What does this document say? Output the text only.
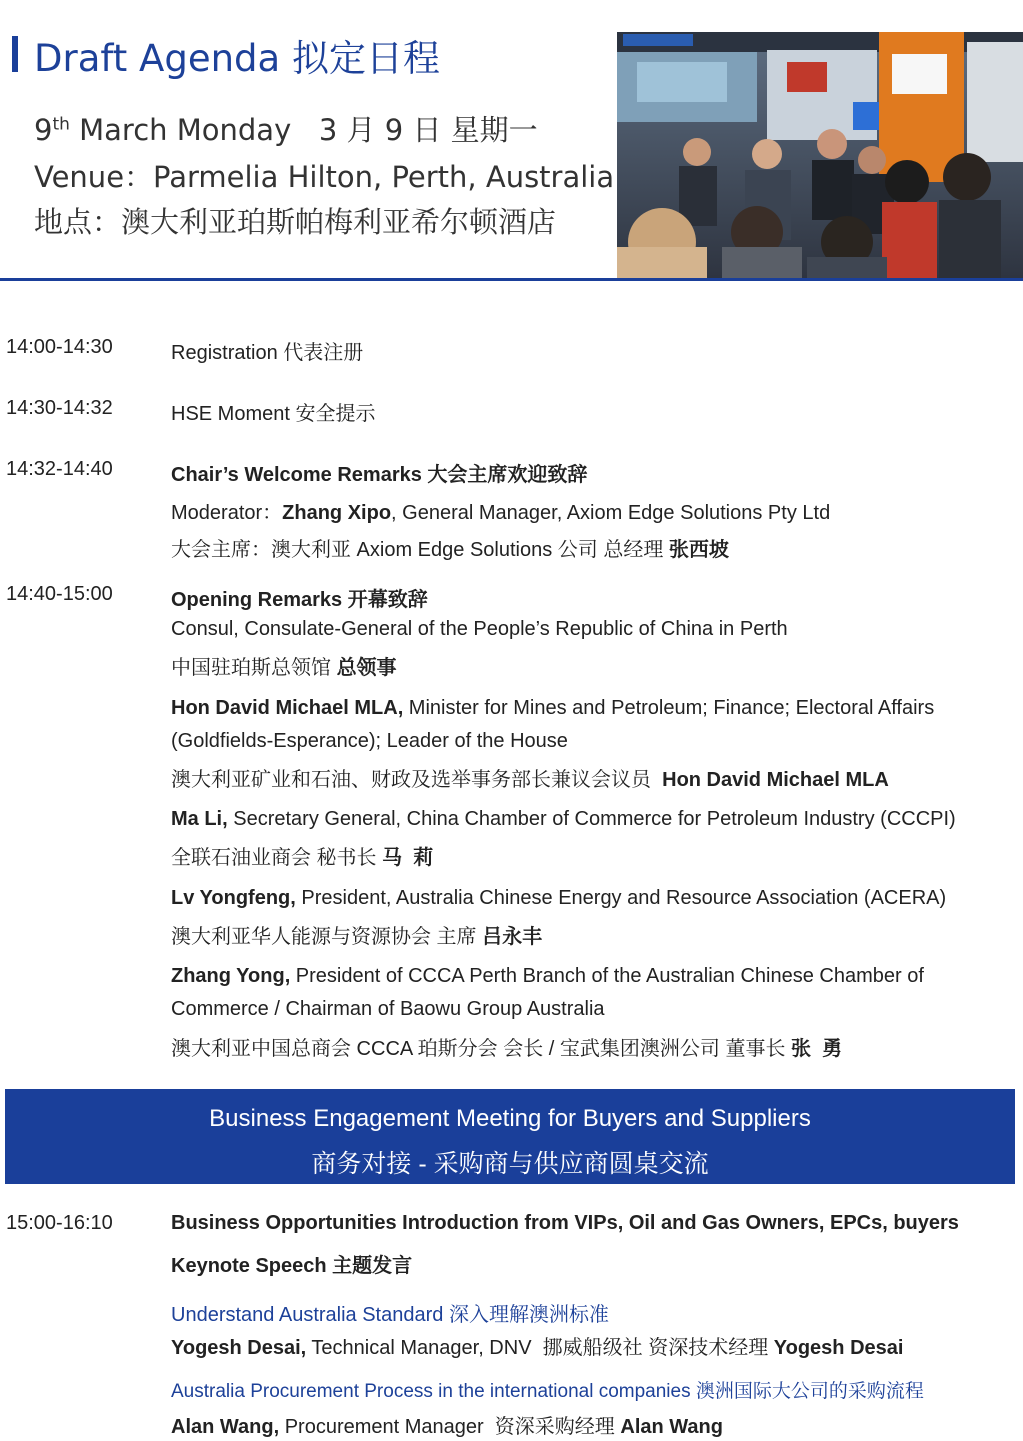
Draft Agenda 拟定日程
9th March Monday   3 月 9 日 星期一
Venue：Parmelia Hilton, Perth, Australia
地点：澳大利亚珀斯帕梅利亚希尔顿酒店
14:00-14:30	Registration 代表注册
14:30-14:32	HSE Moment 安全提示
14:32-14:40	Chair’s Welcome Remarks 大会主席欢迎致辞
Moderator：Zhang Xipo, General Manager, Axiom Edge Solutions Pty Ltd
大会主席：澳大利亚 Axiom Edge Solutions 公司 总经理 张西坡
14:40-15:00	Opening Remarks 开幕致辞
Consul, Consulate-General of the People’s Republic of China in Perth
中国驻珀斯总领馆 总领事
Hon David Michael MLA, Minister for Mines and Petroleum; Finance; Electoral Affairs
(Goldfields-Esperance); Leader of the House
澳大利亚矿业和石油、财政及选举事务部长兼议会议员  Hon David Michael MLA
Ma Li, Secretary General, China Chamber of Commerce for Petroleum Industry (CCCPI)
全联石油业商会 秘书长 马  莉
Lv Yongfeng, President, Australia Chinese Energy and Resource Association (ACERA)
澳大利亚华人能源与资源协会 主席 吕永丰
Zhang Yong, President of CCCA Perth Branch of the Australian Chinese Chamber of
Commerce / Chairman of Baowu Group Australia
澳大利亚中国总商会 CCCA 珀斯分会 会长 / 宝武集团澳洲公司 董事长 张  勇
Business Engagement Meeting for Buyers and Suppliers
商务对接 - 采购商与供应商圆桌交流
15:00-16:10	Business Opportunities Introduction from VIPs, Oil and Gas Owners, EPCs, buyers
Keynote Speech 主题发言
Understand Australia Standard 深入理解澳洲标准
Yogesh Desai, Technical Manager, DNV  挪威船级社 资深技术经理 Yogesh Desai
Australia Procurement Process in the international companies 澳洲国际大公司的采购流程
Alan Wang, Procurement Manager  资深采购经理 Alan Wang
